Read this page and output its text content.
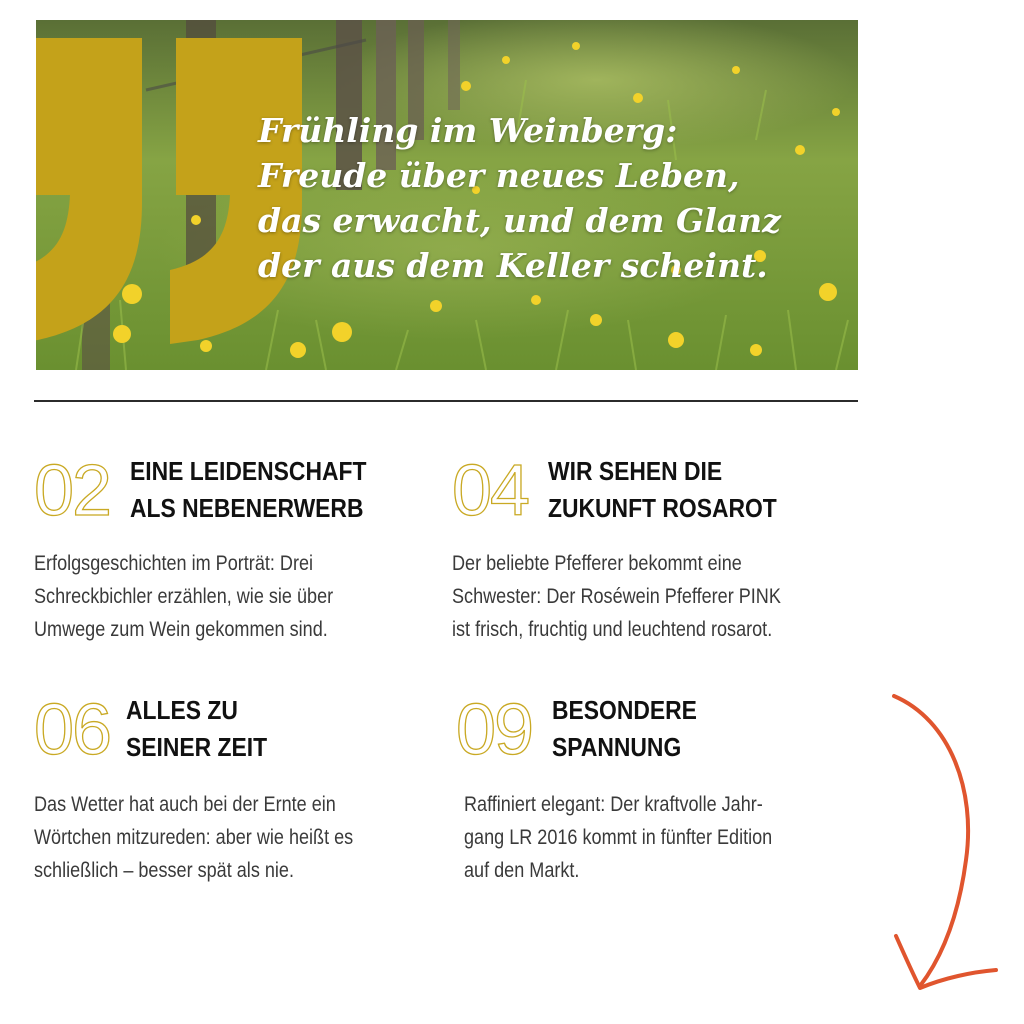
Frühling im Weinberg:
Freude über neues Leben,
das erwacht, und dem Glanz
der aus dem Keller scheint.
02 EINE LEIDENSCHAFT
ALS NEBENERWERB
Erfolgsgeschichten im Porträt: Drei
Schreckbichler erzählen, wie sie über
Umwege zum Wein gekommen sind.
04 WIR SEHEN DIE
ZUKUNFT ROSAROT
Der beliebte Pfefferer bekommt eine
Schwester: Der Roséwein Pfefferer PINK
ist frisch, fruchtig und leuchtend rosarot.
06 ALLES ZU
SEINER ZEIT
Das Wetter hat auch bei der Ernte ein
Wörtchen mitzureden: aber wie heißt es
schließlich – besser spät als nie.
09 BESONDERE
SPANNUNG
Raffiniert elegant: Der kraftvolle Jahr-
gang LR 2016 kommt in fünfter Edition
auf den Markt.
